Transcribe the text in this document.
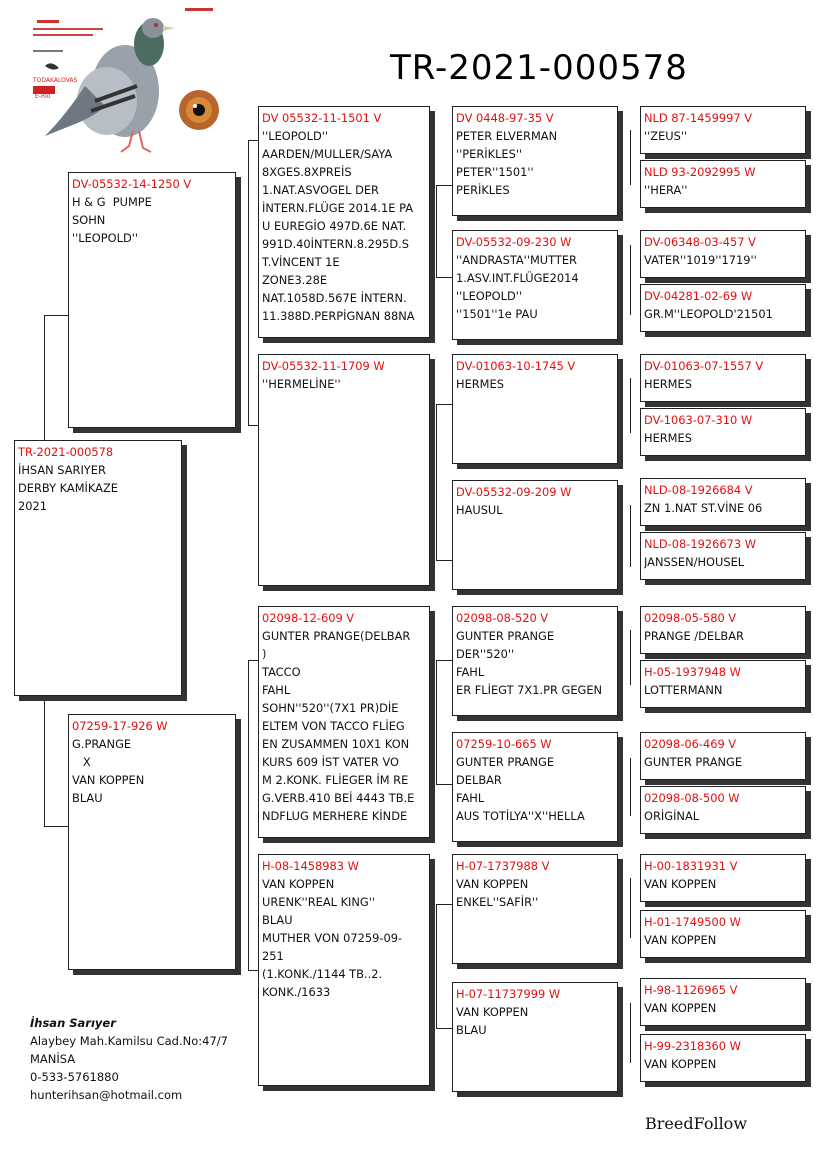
TR-2021-000578
TODAKALOVAS
E-Rlo
TR-2021-000578
İHSAN SARIYER
DERBY KAMİKAZE
2021
DV-05532-14-1250 V
H & G  PUMPE
SOHN
''LEOPOLD''
07259-17-926 W
G.PRANGE
X
VAN KOPPEN
BLAU
DV 05532-11-1501 V
''LEOPOLD''
AARDEN/MULLER/SAYA
8XGES.8XPREİS
1.NAT.ASVOGEL DER
İNTERN.FLÜGE 2014.1E PA
U EUREGİO 497D.6E NAT.
991D.40İNTERN.8.295D.S
T.VİNCENT 1E
ZONE3.28E
NAT.1058D.567E İNTERN.
11.388D.PERPİGNAN 88NA
DV-05532-11-1709 W
''HERMELİNE''
02098-12-609 V
GUNTER PRANGE(DELBAR
)
TACCO
FAHL
SOHN''520''(7X1 PR)DİE
ELTEM VON TACCO FLİEG
EN ZUSAMMEN 10X1 KON
KURS 609 İST VATER VO
M 2.KONK. FLİEGER İM RE
G.VERB.410 BEİ 4443 TB.E
NDFLUG MERHERE KİNDE
H-08-1458983 W
VAN KOPPEN
URENK''REAL KING''
BLAU
MUTHER VON 07259-09-
251
(1.KONK./1144 TB..2.
KONK./1633
DV 0448-97-35 V
PETER ELVERMAN
''PERİKLES''
PETER''1501''
PERİKLES
DV-05532-09-230 W
''ANDRASTA''MUTTER
1.ASV.INT.FLÜGE2014
''LEOPOLD''
''1501''1e PAU
DV-01063-10-1745 V
HERMES
DV-05532-09-209 W
HAUSUL
02098-08-520 V
GUNTER PRANGE
DER''520''
FAHL
ER FLİEGT 7X1.PR GEGEN
07259-10-665 W
GUNTER PRANGE
DELBAR
FAHL
AUS TOTİLYA''X''HELLA
H-07-1737988 V
VAN KOPPEN
ENKEL''SAFİR''
H-07-11737999 W
VAN KOPPEN
BLAU
NLD 87-1459997 V
''ZEUS''
NLD 93-2092995 W
''HERA''
DV-06348-03-457 V
VATER''1019''1719''
DV-04281-02-69 W
GR.M''LEOPOLD'21501
DV-01063-07-1557 V
HERMES
DV-1063-07-310 W
HERMES
NLD-08-1926684 V
ZN 1.NAT ST.VİNE 06
NLD-08-1926673 W
JANSSEN/HOUSEL
02098-05-580 V
PRANGE /DELBAR
H-05-1937948 W
LOTTERMANN
02098-06-469 V
GUNTER PRANGE
02098-08-500 W
ORİGİNAL
H-00-1831931 V
VAN KOPPEN
H-01-1749500 W
VAN KOPPEN
H-98-1126965 V
VAN KOPPEN
H-99-2318360 W
VAN KOPPEN
İhsan Sarıyer
Alaybey Mah.Kamilsu Cad.No:47/7
MANİSA
0-533-5761880
hunterihsan@hotmail.com
BreedFollow
